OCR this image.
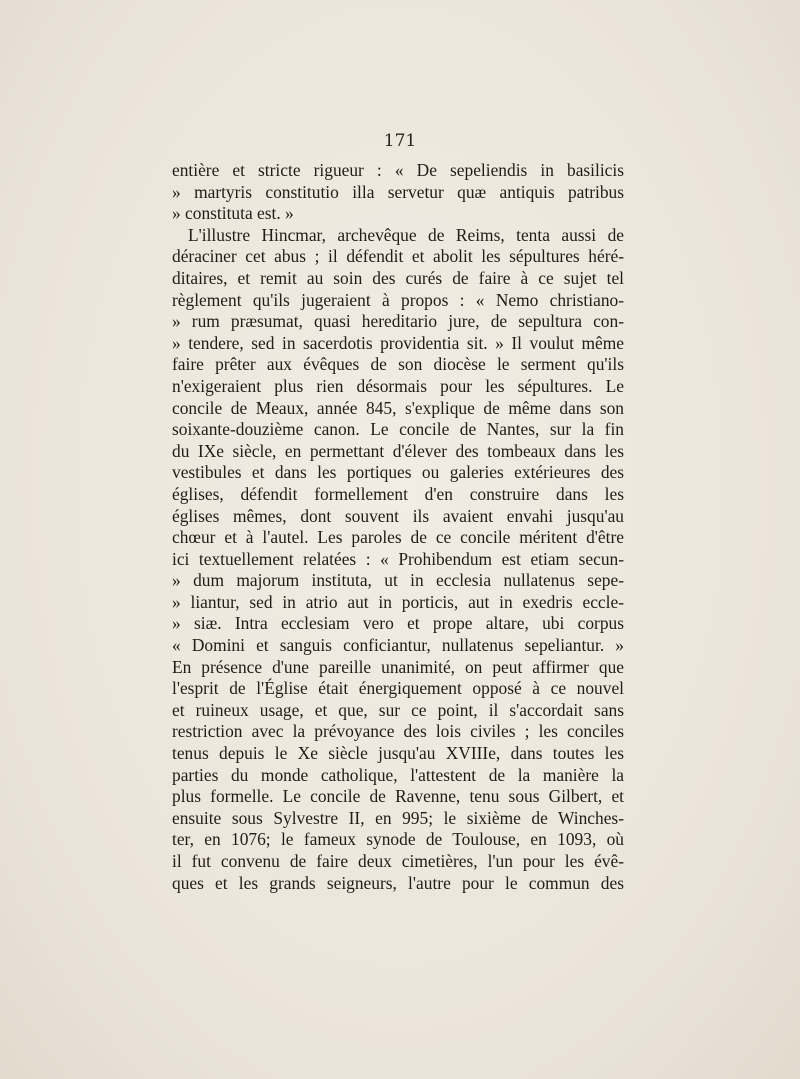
171
entière et stricte rigueur : « De sepeliendis in basilicis
» martyris constitutio illa servetur quæ antiquis patribus
» constituta est. »
L'illustre Hincmar, archevêque de Reims, tenta aussi de
déraciner cet abus ; il défendit et abolit les sépultures héré-
ditaires, et remit au soin des curés de faire à ce sujet tel
règlement qu'ils jugeraient à propos : « Nemo christiano-
» rum præsumat, quasi hereditario jure, de sepultura con-
» tendere, sed in sacerdotis providentia sit. » Il voulut même
faire prêter aux évêques de son diocèse le serment qu'ils
n'exigeraient plus rien désormais pour les sépultures. Le
concile de Meaux, année 845, s'explique de même dans son
soixante-douzième canon. Le concile de Nantes, sur la fin
du IXe siècle, en permettant d'élever des tombeaux dans les
vestibules et dans les portiques ou galeries extérieures des
églises, défendit formellement d'en construire dans les
églises mêmes, dont souvent ils avaient envahi jusqu'au
chœur et à l'autel. Les paroles de ce concile méritent d'être
ici textuellement relatées : « Prohibendum est etiam secun-
» dum majorum instituta, ut in ecclesia nullatenus sepe-
» liantur, sed in atrio aut in porticis, aut in exedris eccle-
» siæ. Intra ecclesiam vero et prope altare, ubi corpus
« Domini et sanguis conficiantur, nullatenus sepeliantur. »
En présence d'une pareille unanimité, on peut affirmer que
l'esprit de l'Église était énergiquement opposé à ce nouvel
et ruineux usage, et que, sur ce point, il s'accordait sans
restriction avec la prévoyance des lois civiles ; les conciles
tenus depuis le Xe siècle jusqu'au XVIIIe, dans toutes les
parties du monde catholique, l'attestent de la manière la
plus formelle. Le concile de Ravenne, tenu sous Gilbert, et
ensuite sous Sylvestre II, en 995; le sixième de Winches-
ter, en 1076; le fameux synode de Toulouse, en 1093, où
il fut convenu de faire deux cimetières, l'un pour les évê-
ques et les grands seigneurs, l'autre pour le commun des
